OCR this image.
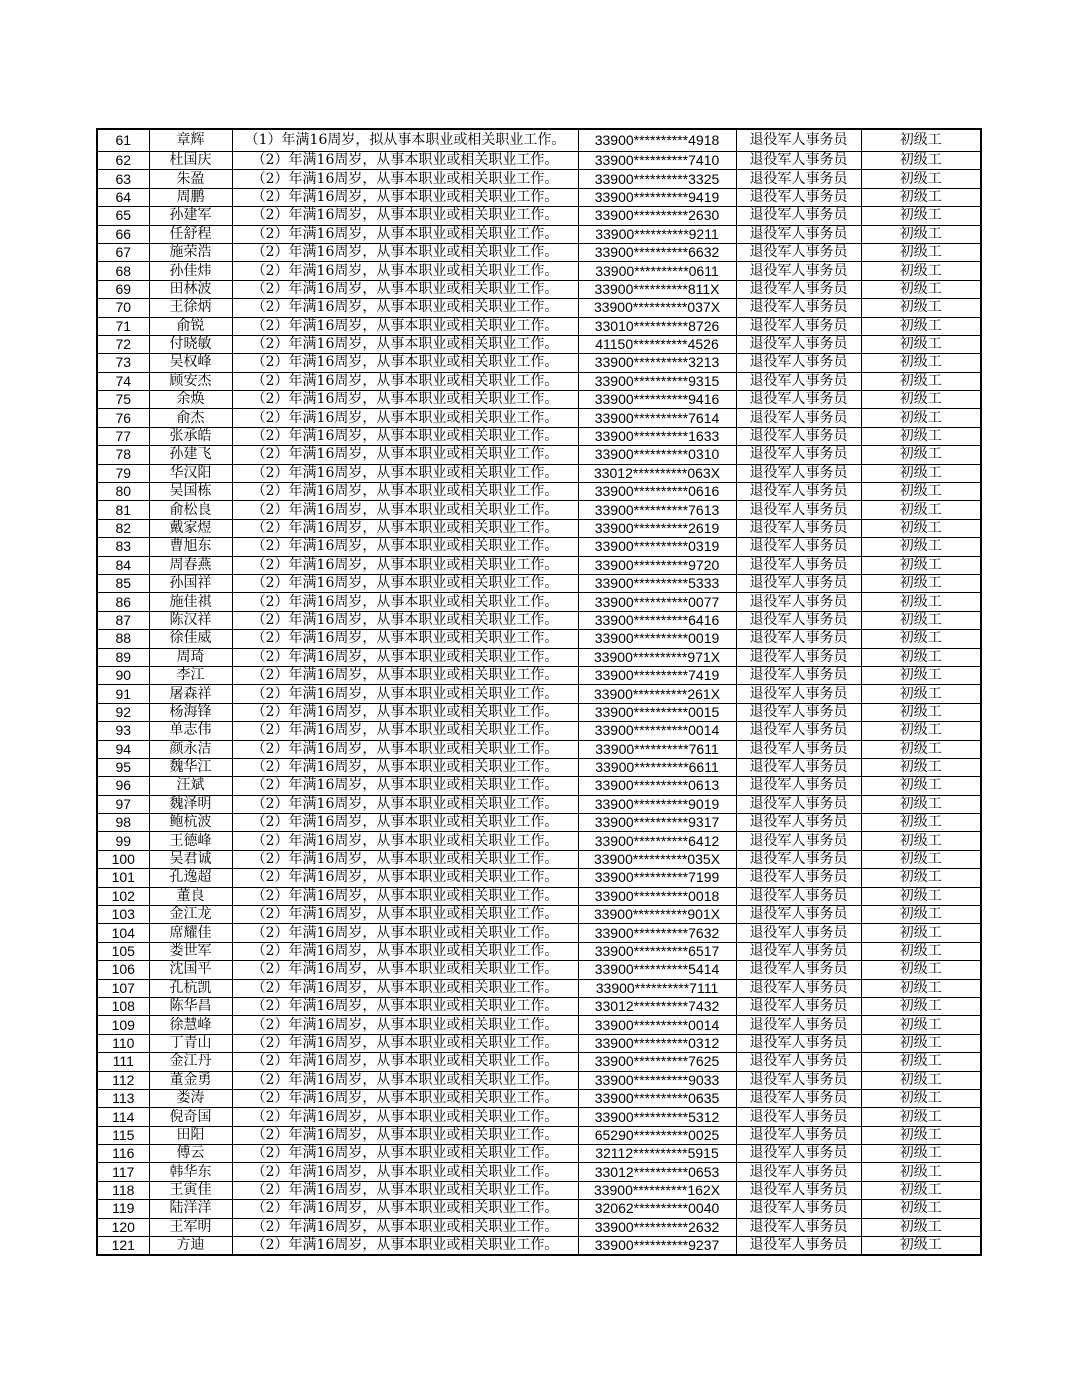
61	章辉	（1）年满16周岁，拟从事本职业或相关职业工作。	33900**********4918	退役军人事务员	初级工
62	杜国庆	（2）年满16周岁，从事本职业或相关职业工作。	33900**********7410	退役军人事务员	初级工
63	朱盈	（2）年满16周岁，从事本职业或相关职业工作。	33900**********3325	退役军人事务员	初级工
64	周鹏	（2）年满16周岁，从事本职业或相关职业工作。	33900**********9419	退役军人事务员	初级工
65	孙建军	（2）年满16周岁，从事本职业或相关职业工作。	33900**********2630	退役军人事务员	初级工
66	任舒程	（2）年满16周岁，从事本职业或相关职业工作。	33900**********9211	退役军人事务员	初级工
67	施荣浩	（2）年满16周岁，从事本职业或相关职业工作。	33900**********6632	退役军人事务员	初级工
68	孙佳炜	（2）年满16周岁，从事本职业或相关职业工作。	33900**********0611	退役军人事务员	初级工
69	田林波	（2）年满16周岁，从事本职业或相关职业工作。	33900**********811X	退役军人事务员	初级工
70	王徐炳	（2）年满16周岁，从事本职业或相关职业工作。	33900**********037X	退役军人事务员	初级工
71	俞锐	（2）年满16周岁，从事本职业或相关职业工作。	33010**********8726	退役军人事务员	初级工
72	付晓敏	（2）年满16周岁，从事本职业或相关职业工作。	41150**********4526	退役军人事务员	初级工
73	吴权峰	（2）年满16周岁，从事本职业或相关职业工作。	33900**********3213	退役军人事务员	初级工
74	顾安杰	（2）年满16周岁，从事本职业或相关职业工作。	33900**********9315	退役军人事务员	初级工
75	余焕	（2）年满16周岁，从事本职业或相关职业工作。	33900**********9416	退役军人事务员	初级工
76	俞杰	（2）年满16周岁，从事本职业或相关职业工作。	33900**********7614	退役军人事务员	初级工
77	张承皓	（2）年满16周岁，从事本职业或相关职业工作。	33900**********1633	退役军人事务员	初级工
78	孙建飞	（2）年满16周岁，从事本职业或相关职业工作。	33900**********0310	退役军人事务员	初级工
79	华汉阳	（2）年满16周岁，从事本职业或相关职业工作。	33012**********063X	退役军人事务员	初级工
80	吴国栋	（2）年满16周岁，从事本职业或相关职业工作。	33900**********0616	退役军人事务员	初级工
81	俞松良	（2）年满16周岁，从事本职业或相关职业工作。	33900**********7613	退役军人事务员	初级工
82	戴家煜	（2）年满16周岁，从事本职业或相关职业工作。	33900**********2619	退役军人事务员	初级工
83	曹旭东	（2）年满16周岁，从事本职业或相关职业工作。	33900**********0319	退役军人事务员	初级工
84	周春燕	（2）年满16周岁，从事本职业或相关职业工作。	33900**********9720	退役军人事务员	初级工
85	孙国祥	（2）年满16周岁，从事本职业或相关职业工作。	33900**********5333	退役军人事务员	初级工
86	施佳祺	（2）年满16周岁，从事本职业或相关职业工作。	33900**********0077	退役军人事务员	初级工
87	陈汉祥	（2）年满16周岁，从事本职业或相关职业工作。	33900**********6416	退役军人事务员	初级工
88	徐佳威	（2）年满16周岁，从事本职业或相关职业工作。	33900**********0019	退役军人事务员	初级工
89	周琦	（2）年满16周岁，从事本职业或相关职业工作。	33900**********971X	退役军人事务员	初级工
90	李江	（2）年满16周岁，从事本职业或相关职业工作。	33900**********7419	退役军人事务员	初级工
91	屠森祥	（2）年满16周岁，从事本职业或相关职业工作。	33900**********261X	退役军人事务员	初级工
92	杨海锋	（2）年满16周岁，从事本职业或相关职业工作。	33900**********0015	退役军人事务员	初级工
93	单志伟	（2）年满16周岁，从事本职业或相关职业工作。	33900**********0014	退役军人事务员	初级工
94	颜永洁	（2）年满16周岁，从事本职业或相关职业工作。	33900**********7611	退役军人事务员	初级工
95	魏华江	（2）年满16周岁，从事本职业或相关职业工作。	33900**********6611	退役军人事务员	初级工
96	汪斌	（2）年满16周岁，从事本职业或相关职业工作。	33900**********0613	退役军人事务员	初级工
97	魏泽明	（2）年满16周岁，从事本职业或相关职业工作。	33900**********9019	退役军人事务员	初级工
98	鲍杭波	（2）年满16周岁，从事本职业或相关职业工作。	33900**********9317	退役军人事务员	初级工
99	王德峰	（2）年满16周岁，从事本职业或相关职业工作。	33900**********6412	退役军人事务员	初级工
100	吴君诚	（2）年满16周岁，从事本职业或相关职业工作。	33900**********035X	退役军人事务员	初级工
101	孔逸超	（2）年满16周岁，从事本职业或相关职业工作。	33900**********7199	退役军人事务员	初级工
102	董良	（2）年满16周岁，从事本职业或相关职业工作。	33900**********0018	退役军人事务员	初级工
103	金江龙	（2）年满16周岁，从事本职业或相关职业工作。	33900**********901X	退役军人事务员	初级工
104	席耀佳	（2）年满16周岁，从事本职业或相关职业工作。	33900**********7632	退役军人事务员	初级工
105	娄世军	（2）年满16周岁，从事本职业或相关职业工作。	33900**********6517	退役军人事务员	初级工
106	沈国平	（2）年满16周岁，从事本职业或相关职业工作。	33900**********5414	退役军人事务员	初级工
107	孔杭凯	（2）年满16周岁，从事本职业或相关职业工作。	33900**********7111	退役军人事务员	初级工
108	陈华昌	（2）年满16周岁，从事本职业或相关职业工作。	33012**********7432	退役军人事务员	初级工
109	徐慧峰	（2）年满16周岁，从事本职业或相关职业工作。	33900**********0014	退役军人事务员	初级工
110	丁青山	（2）年满16周岁，从事本职业或相关职业工作。	33900**********0312	退役军人事务员	初级工
111	金江丹	（2）年满16周岁，从事本职业或相关职业工作。	33900**********7625	退役军人事务员	初级工
112	董金勇	（2）年满16周岁，从事本职业或相关职业工作。	33900**********9033	退役军人事务员	初级工
113	娄涛	（2）年满16周岁，从事本职业或相关职业工作。	33900**********0635	退役军人事务员	初级工
114	倪奇国	（2）年满16周岁，从事本职业或相关职业工作。	33900**********5312	退役军人事务员	初级工
115	田阳	（2）年满16周岁，从事本职业或相关职业工作。	65290**********0025	退役军人事务员	初级工
116	傅云	（2）年满16周岁，从事本职业或相关职业工作。	32112**********5915	退役军人事务员	初级工
117	韩华东	（2）年满16周岁，从事本职业或相关职业工作。	33012**********0653	退役军人事务员	初级工
118	王寅佳	（2）年满16周岁，从事本职业或相关职业工作。	33900**********162X	退役军人事务员	初级工
119	陆洋洋	（2）年满16周岁，从事本职业或相关职业工作。	32062**********0040	退役军人事务员	初级工
120	王军明	（2）年满16周岁，从事本职业或相关职业工作。	33900**********2632	退役军人事务员	初级工
121	方迪	（2）年满16周岁，从事本职业或相关职业工作。	33900**********9237	退役军人事务员	初级工
